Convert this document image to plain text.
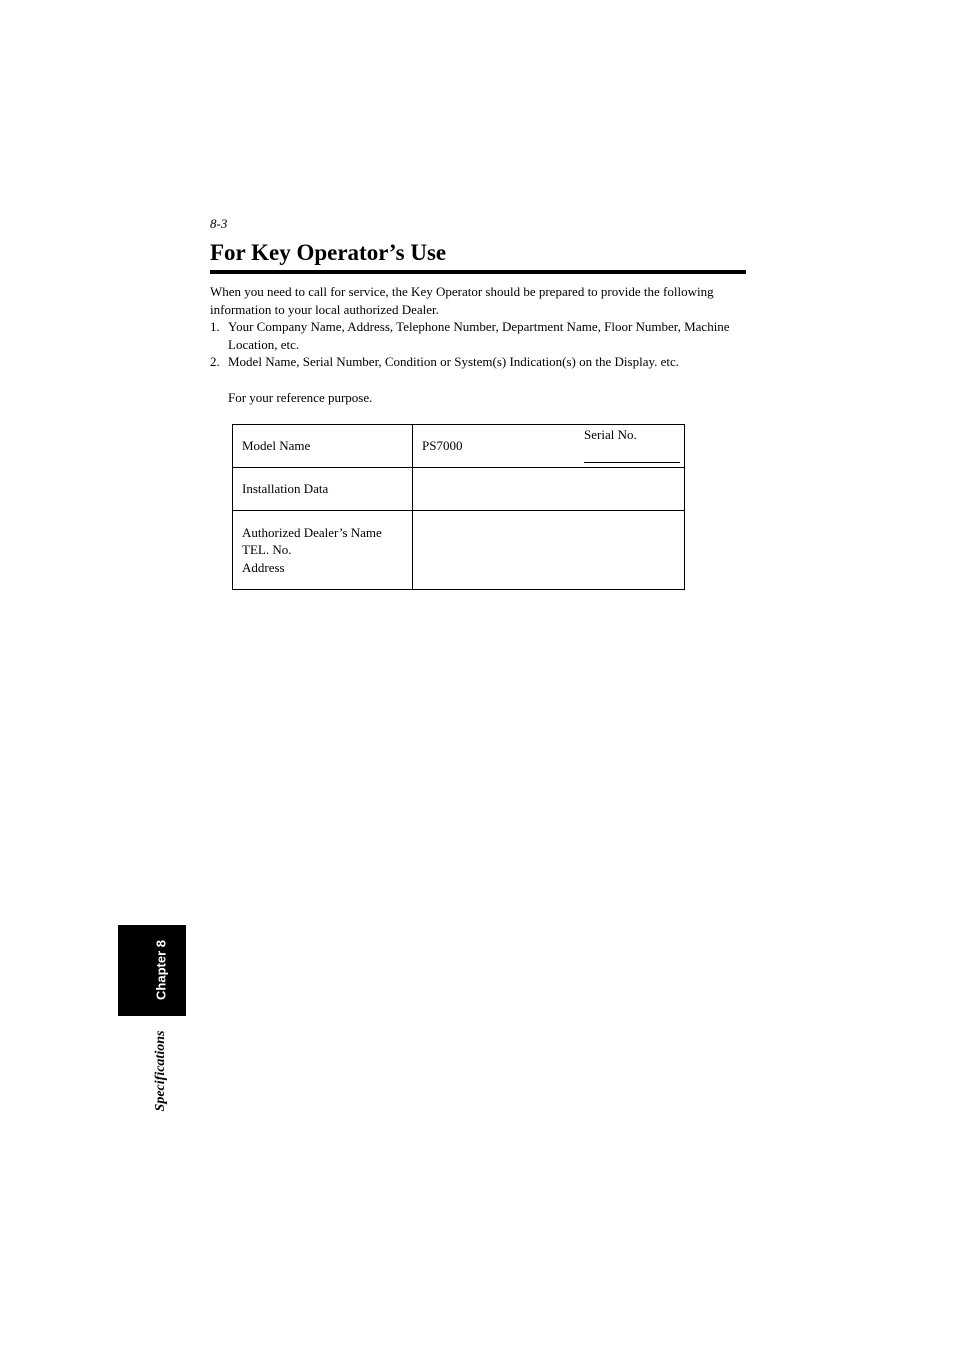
8-3
For Key Operator’s Use

When you need to call for service, the Key Operator should be prepared to provide the following information to your local authorized Dealer.

1. Your Company Name, Address, Telephone Number, Department Name, Floor Number, Machine Location, etc.
2. Model Name, Serial Number, Condition or System(s) Indication(s) on the Display. etc.
For your reference purpose.
Model Name	PS7000
Serial No.

Installation Data	

Authorized Dealer’s Name
TEL. No.
Address	

Chapter 8
Specifications
